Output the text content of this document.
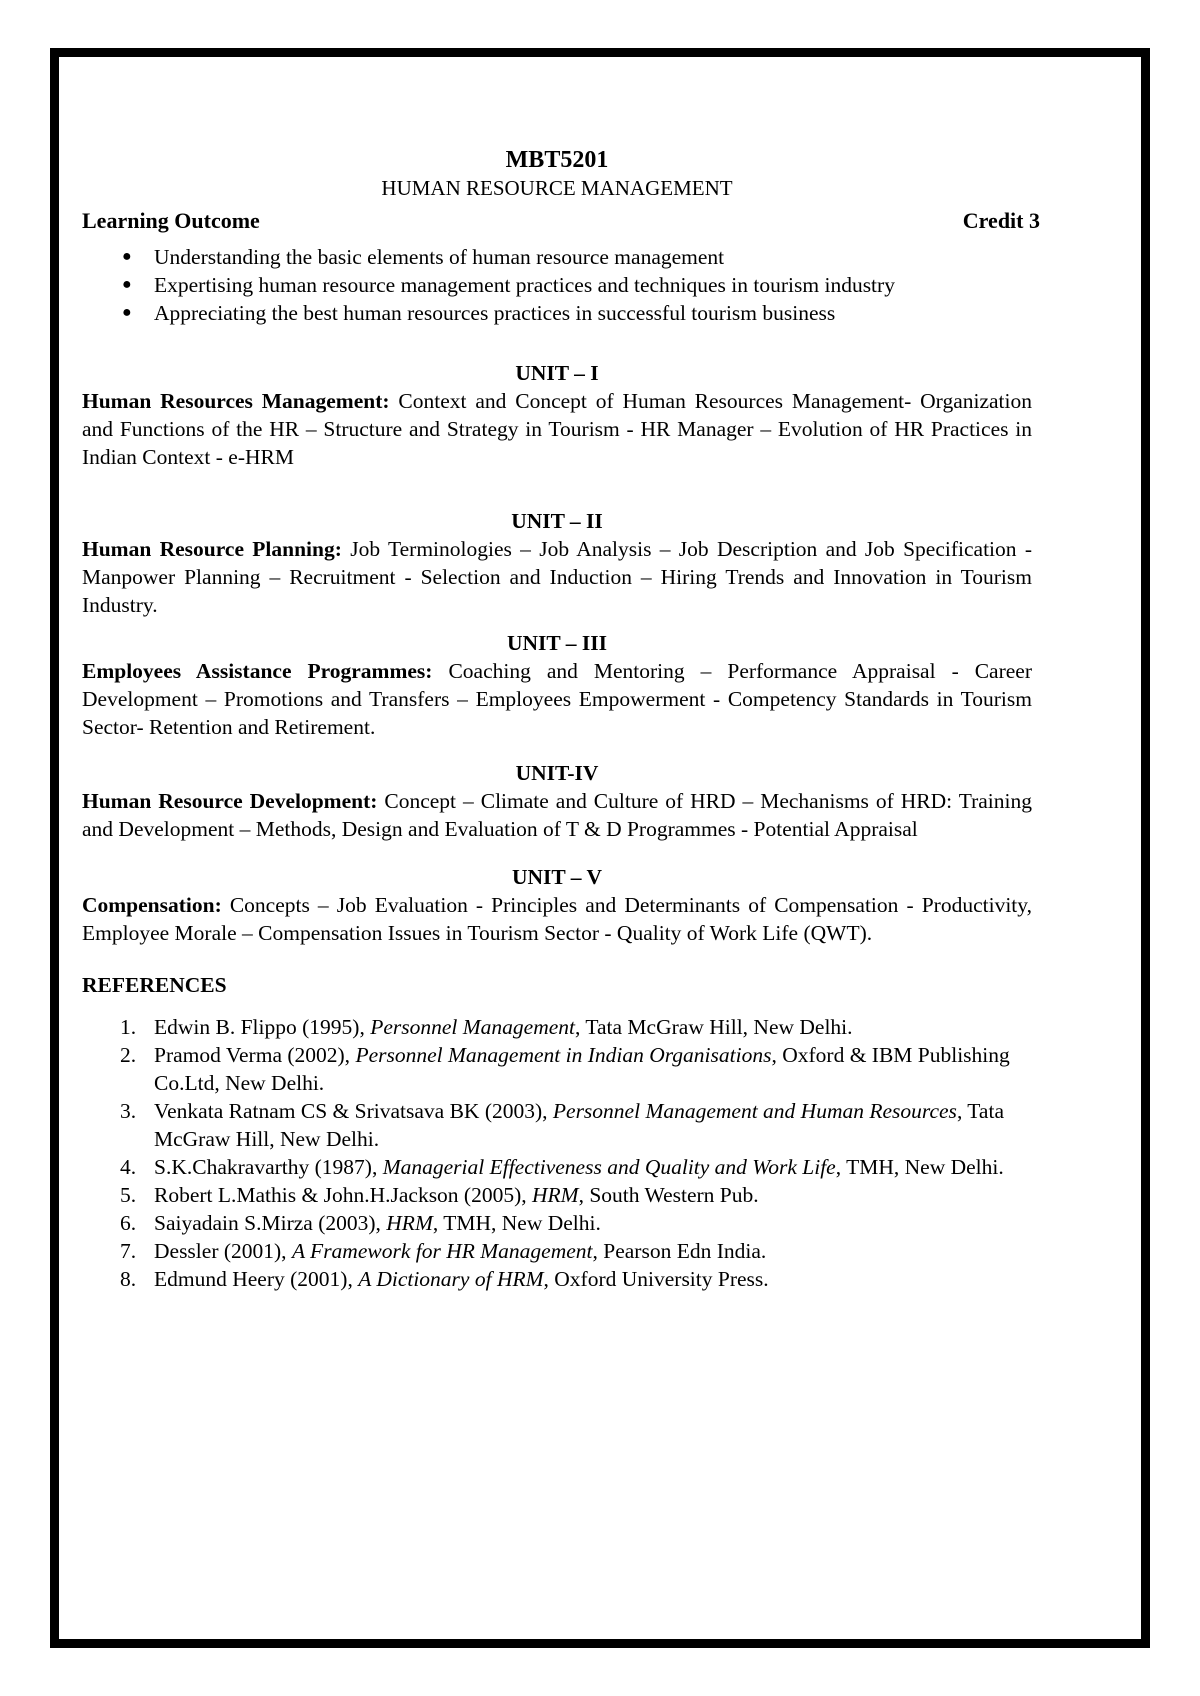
MBT5201

HUMAN RESOURCE MANAGEMENT

Learning Outcome	Credit 3
● Understanding the basic elements of human resource management
● Expertising human resource management practices and techniques in tourism industry
● Appreciating the best human resources practices in successful tourism business

UNIT – I

Human Resources Management: Context and Concept of Human Resources Management- Organization and Functions of the HR – Structure and Strategy in Tourism - HR Manager – Evolution of HR Practices in Indian Context - e-HRM

UNIT – II

Human Resource Planning: Job Terminologies – Job Analysis – Job Description and Job Specification - Manpower Planning – Recruitment - Selection and Induction – Hiring Trends and Innovation in Tourism Industry.

UNIT – III

Employees Assistance Programmes: Coaching and Mentoring – Performance Appraisal - Career Development – Promotions and Transfers – Employees Empowerment - Competency Standards in Tourism Sector- Retention and Retirement.

UNIT-IV

Human Resource Development: Concept – Climate and Culture of HRD – Mechanisms of HRD: Training and Development – Methods, Design and Evaluation of T & D Programmes - Potential Appraisal

UNIT – V

Compensation: Concepts – Job Evaluation - Principles and Determinants of Compensation - Productivity, Employee Morale – Compensation Issues in Tourism Sector - Quality of Work Life (QWT).

REFERENCES

1. Edwin B. Flippo (1995), Personnel Management, Tata McGraw Hill, New Delhi.
2. Pramod Verma (2002), Personnel Management in Indian Organisations, Oxford & IBM Publishing Co.Ltd, New Delhi.
3. Venkata Ratnam CS & Srivatsava BK (2003), Personnel Management and Human Resources, Tata McGraw Hill, New Delhi.
4. S.K.Chakravarthy (1987), Managerial Effectiveness and Quality and Work Life, TMH, New Delhi.
5. Robert L.Mathis & John.H.Jackson (2005), HRM, South Western Pub.
6. Saiyadain S.Mirza (2003), HRM, TMH, New Delhi.
7. Dessler (2001), A Framework for HR Management, Pearson Edn India.
8. Edmund Heery (2001), A Dictionary of HRM, Oxford University Press.
